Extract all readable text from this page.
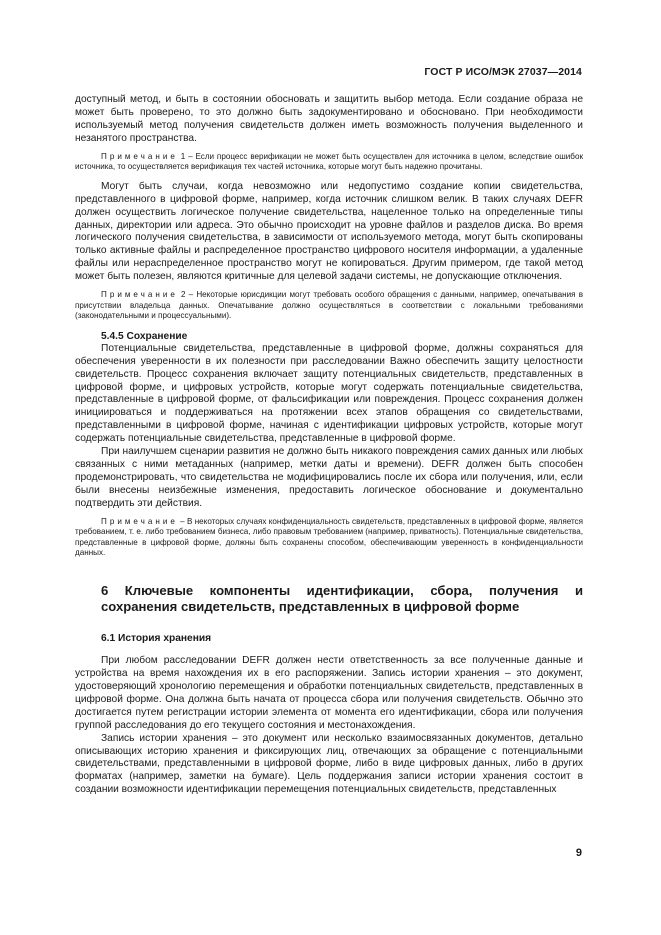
ГОСТ Р ИСО/МЭК 27037—2014

доступный метод, и быть в состоянии обосновать и защитить выбор метода. Если создание образа не может быть проверено, то это должно быть задокументировано и обосновано. При необходимости используемый метод получения свидетельств должен иметь возможность получения выделенного и незанятого пространства.

Примечание 1 – Если процесс верификации не может быть осуществлен для источника в целом, вследствие ошибок источника, то осуществляется верификация тех частей источника, которые могут быть надежно прочитаны.

Могут быть случаи, когда невозможно или недопустимо создание копии свидетельства, представленного в цифровой форме, например, когда источник слишком велик. В таких случаях DEFR должен осуществить логическое получение свидетельства, нацеленное только на определенные типы данных, директории или адреса. Это обычно происходит на уровне файлов и разделов диска. Во время логического получения свидетельства, в зависимости от используемого метода, могут быть скопированы только активные файлы и распределенное пространство цифрового носителя информации, а удаленные файлы или нераспределенное пространство могут не копироваться. Другим примером, где такой метод может быть полезен, являются критичные для целевой задачи системы, не допускающие отключения.

Примечание 2 – Некоторые юрисдикции могут требовать особого обращения с данными, например, опечатывания в присутствии владельца данных. Опечатывание должно осуществляться в соответствии с локальными требованиями (законодательными и процессуальными).

5.4.5 Сохранение

Потенциальные свидетельства, представленные в цифровой форме, должны сохраняться для обеспечения уверенности в их полезности при расследовании Важно обеспечить защиту целостности свидетельств. Процесс сохранения включает защиту потенциальных свидетельств, представленных в цифровой форме, и цифровых устройств, которые могут содержать потенциальные свидетельства, представленные в цифровой форме, от фальсификации или повреждения. Процесс сохранения должен инициироваться и поддерживаться на протяжении всех этапов обращения со свидетельствами, представленными в цифровой форме, начиная с идентификации цифровых устройств, которые могут содержать потенциальные свидетельства, представленные в цифровой форме.

При наилучшем сценарии развития не должно быть никакого повреждения самих данных или любых связанных с ними метаданных (например, метки даты и времени). DEFR должен быть способен продемонстрировать, что свидетельства не модифицировались после их сбора или получения, или, если были внесены неизбежные изменения, предоставить логическое обоснование и документально подтвердить эти действия.

Примечание – В некоторых случаях конфиденциальность свидетельств, представленных в цифровой форме, является требованием, т. е. либо требованием бизнеса, либо правовым требованием (например, приватность). Потенциальные свидетельства, представленные в цифровой форме, должны быть сохранены способом, обеспечивающим уверенность в конфиденциальности данных.

6 Ключевые компоненты идентификации, сбора, получения и сохранения свидетельств, представленных в цифровой форме

6.1 История хранения

При любом расследовании DEFR должен нести ответственность за все полученные данные и устройства на время нахождения их в его распоряжении. Запись истории хранения – это документ, удостоверяющий хронологию перемещения и обработки потенциальных свидетельств, представленных в цифровой форме. Она должна быть начата от процесса сбора или получения свидетельств. Обычно это достигается путем регистрации истории элемента от момента его идентификации, сбора или получения группой расследования до его текущего состояния и местонахождения.

Запись истории хранения – это документ или несколько взаимосвязанных документов, детально описывающих историю хранения и фиксирующих лиц, отвечающих за обращение с потенциальными свидетельствами, представленными в цифровой форме, либо в виде цифровых данных, либо в других форматах (например, заметки на бумаге). Цель поддержания записи истории хранения состоит в создании возможности идентификации перемещения потенциальных свидетельств, представленных

9
